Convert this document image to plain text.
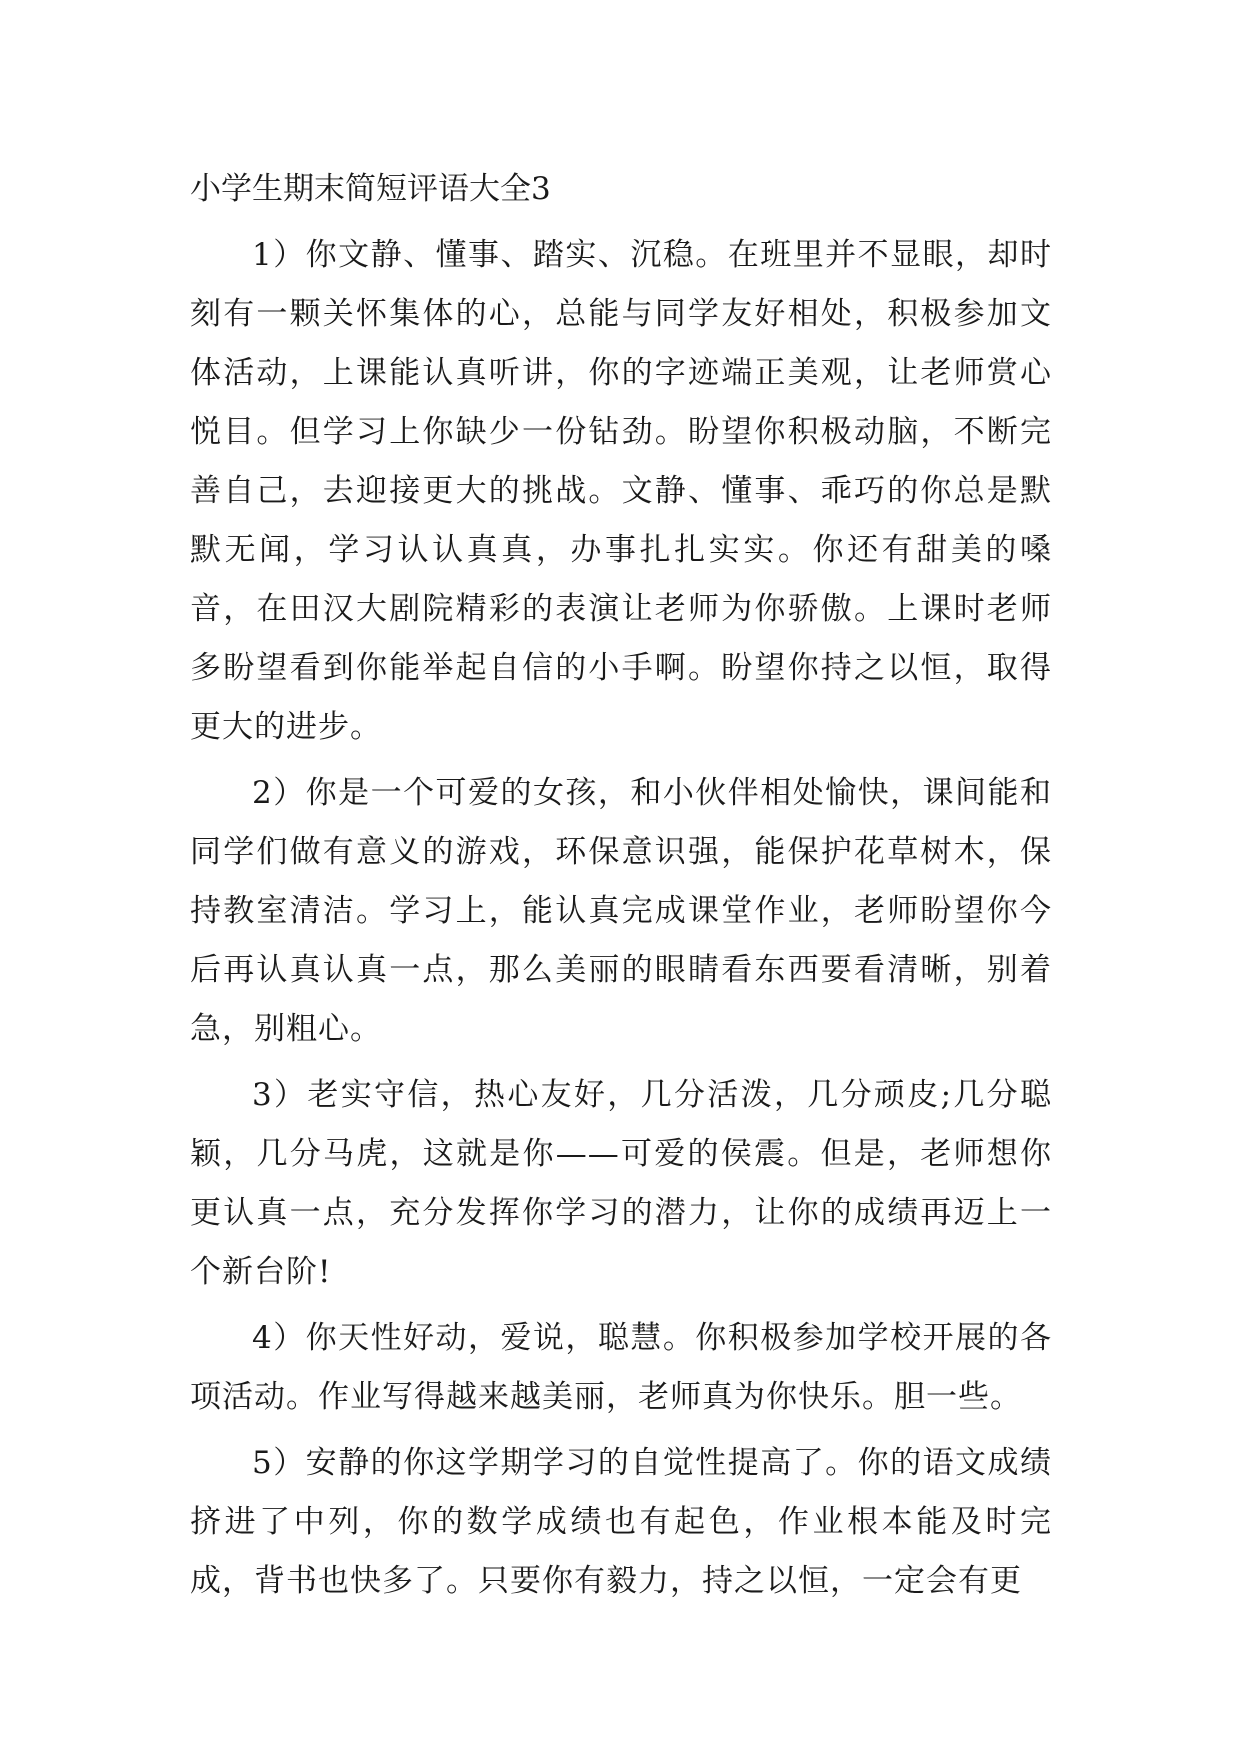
小学生期末简短评语大全3

1）你文静、懂事、踏实、沉稳。在班里并不显眼，却时刻有一颗关怀集体的心，总能与同学友好相处，积极参加文体活动，上课能认真听讲，你的字迹端正美观，让老师赏心悦目。但学习上你缺少一份钻劲。盼望你积极动脑，不断完善自己，去迎接更大的挑战。文静、懂事、乖巧的你总是默默无闻，学习认认真真，办事扎扎实实。你还有甜美的嗓音，在田汉大剧院精彩的表演让老师为你骄傲。上课时老师多盼望看到你能举起自信的小手啊。盼望你持之以恒，取得更大的进步。

2）你是一个可爱的女孩，和小伙伴相处愉快，课间能和同学们做有意义的游戏，环保意识强，能保护花草树木，保持教室清洁。学习上，能认真完成课堂作业，老师盼望你今后再认真认真一点，那么美丽的眼睛看东西要看清晰，别着急，别粗心。

3）老实守信，热心友好，几分活泼，几分顽皮;几分聪颖，几分马虎，这就是你——可爱的侯震。但是，老师想你更认真一点，充分发挥你学习的潜力，让你的成绩再迈上一个新台阶!

4）你天性好动，爱说，聪慧。你积极参加学校开展的各项活动。作业写得越来越美丽，老师真为你快乐。胆一些。

5）安静的你这学期学习的自觉性提高了。你的语文成绩挤进了中列，你的数学成绩也有起色，作业根本能及时完成，背书也快多了。只要你有毅力，持之以恒，一定会有更
